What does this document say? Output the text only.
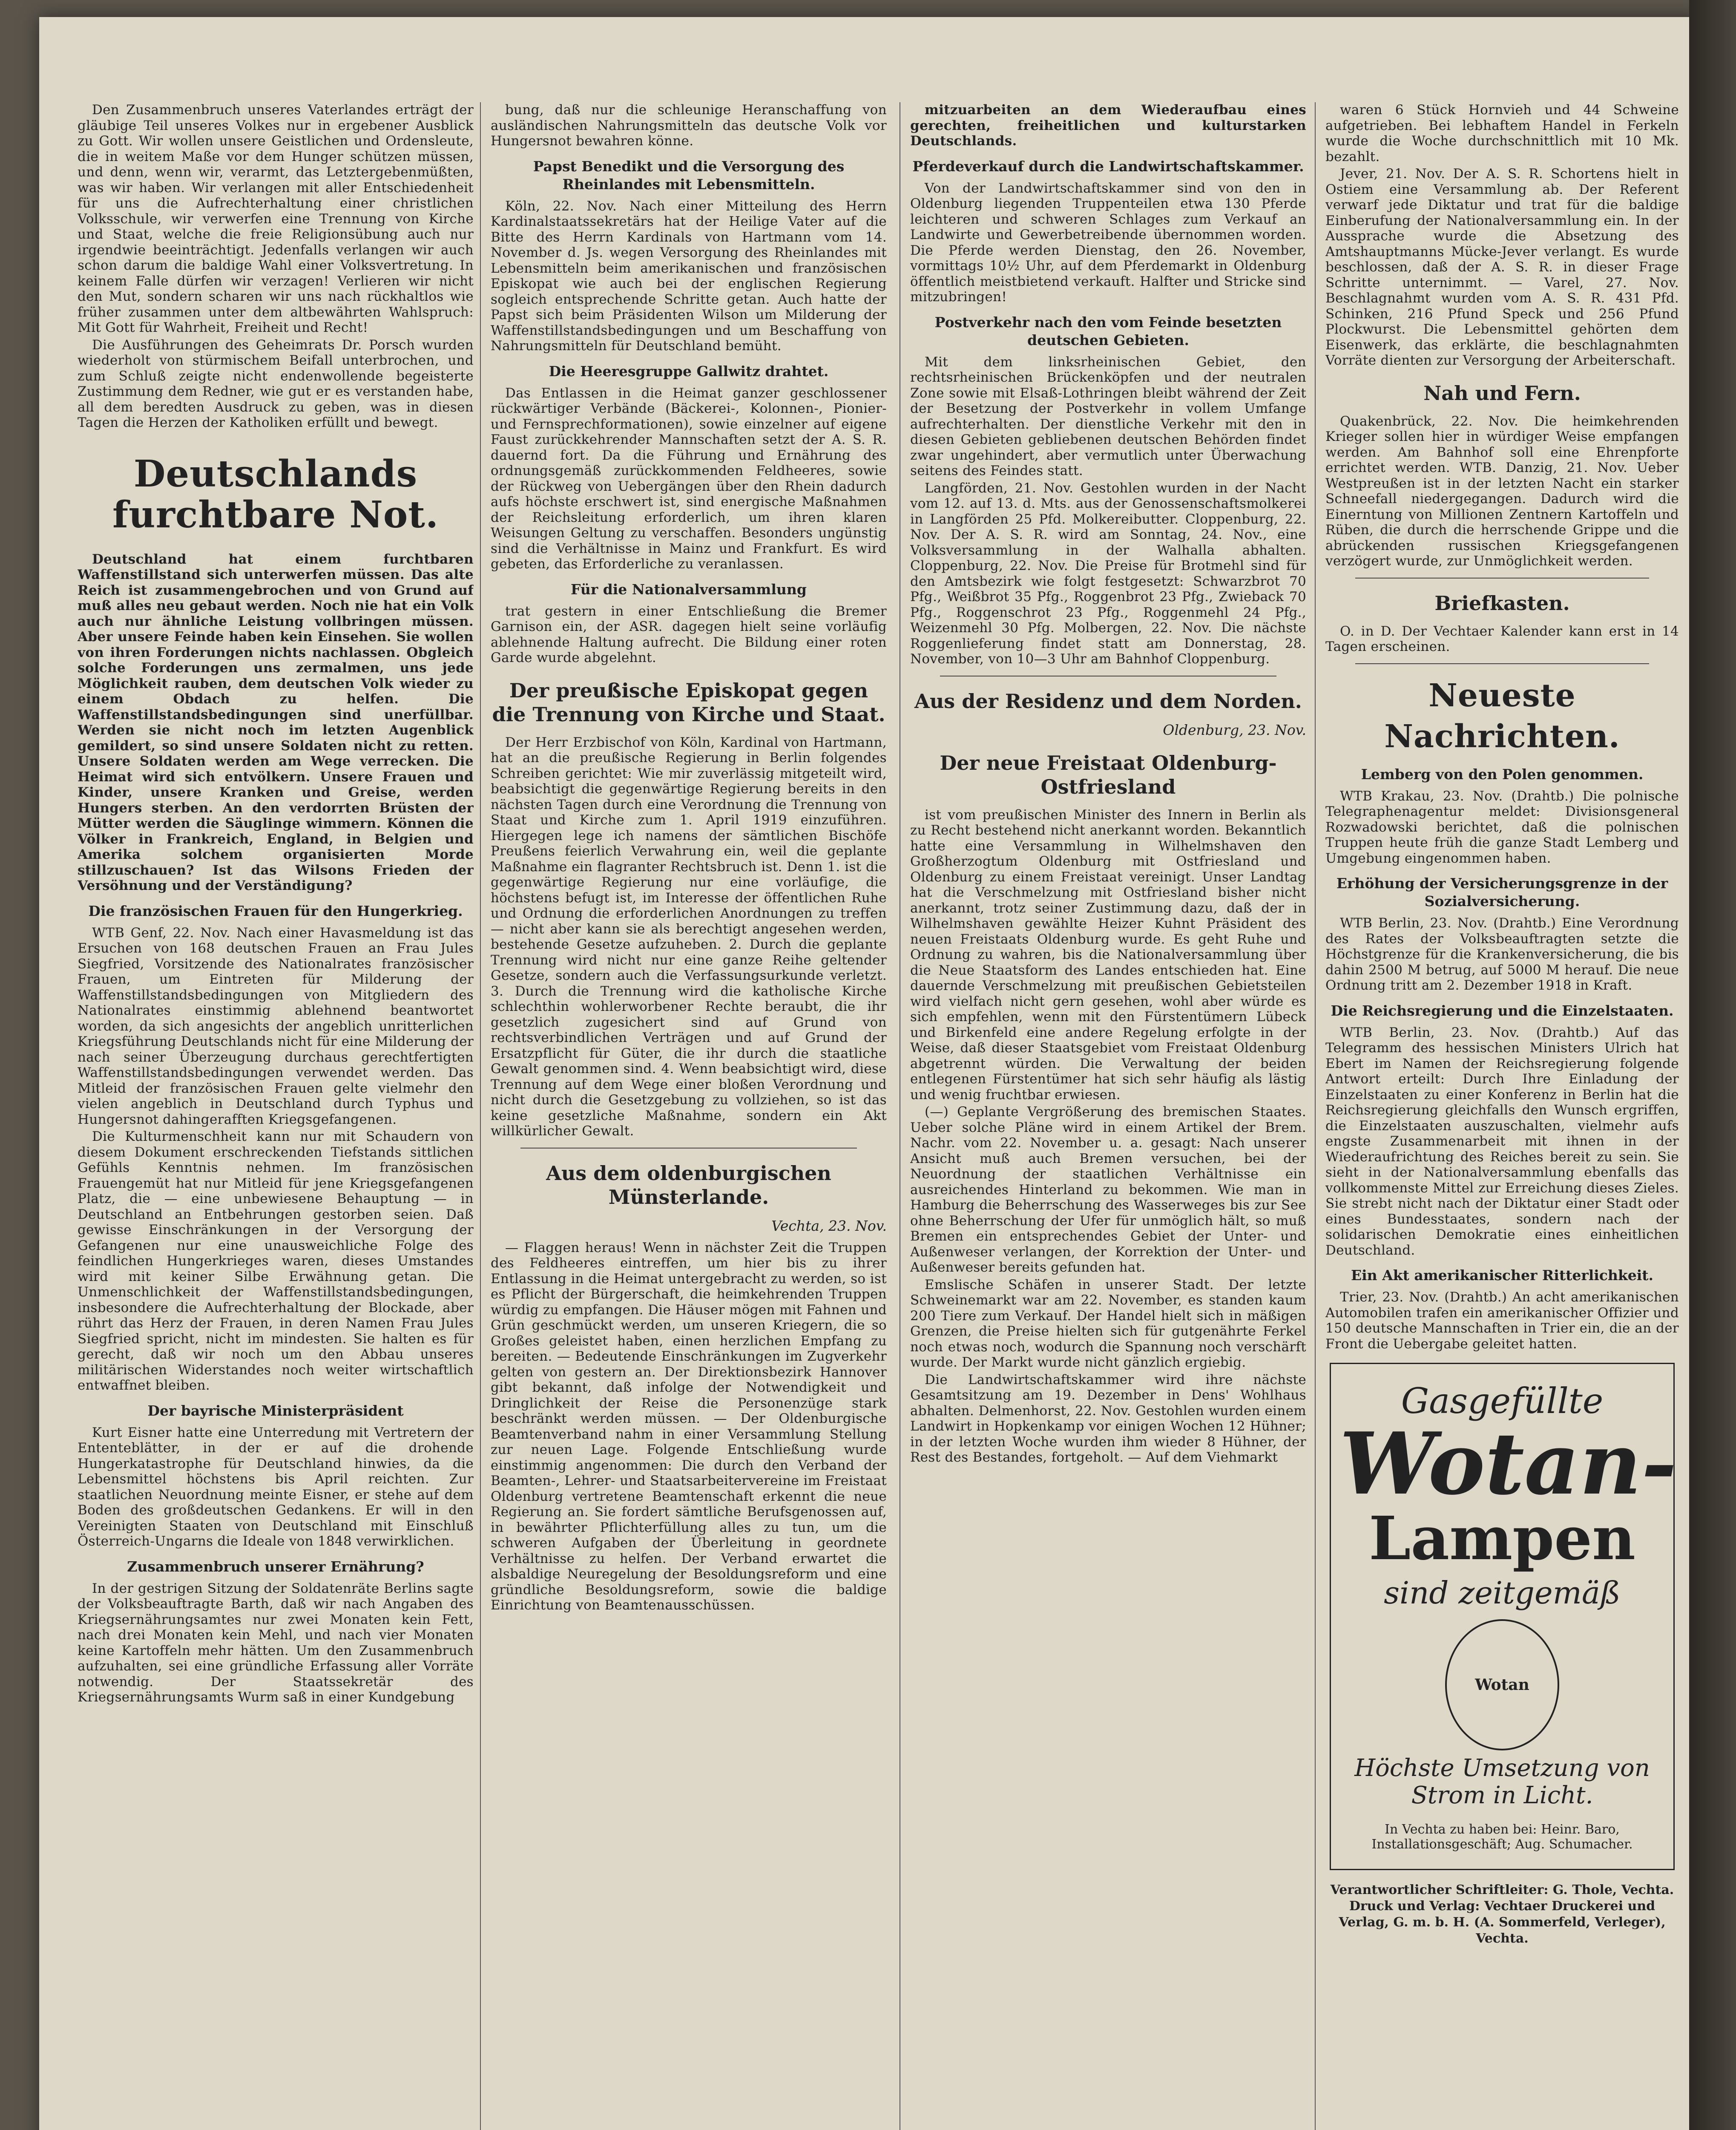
Den Zusammenbruch unseres Vaterlandes erträgt der gläubige Teil unseres Volkes nur in ergebener Ausblick zu Gott. Wir wollen unsere Geistlichen und Ordensleute, die in weitem Maße vor dem Hunger schützen müssen, und denn, wenn wir, verarmt, das Letztergebenmüßten, was wir haben. Wir verlangen mit aller Entschiedenheit für uns die Aufrechterhaltung einer christlichen Volksschule, wir verwerfen eine Trennung von Kirche und Staat, welche die freie Religionsübung auch nur irgendwie beeinträchtigt. Jedenfalls verlangen wir auch schon darum die baldige Wahl einer Volksvertretung. In keinem Falle dürfen wir verzagen! Verlieren wir nicht den Mut, sondern scharen wir uns nach rückhaltlos wie früher zusammen unter dem altbewährten Wahlspruch: Mit Gott für Wahrheit, Freiheit und Recht!

Die Ausführungen des Geheimrats Dr. Porsch wurden wiederholt von stürmischem Beifall unterbrochen, und zum Schluß zeigte nicht endenwollende begeisterte Zustimmung dem Redner, wie gut er es verstanden habe, all dem beredten Ausdruck zu geben, was in diesen Tagen die Herzen der Katholiken erfüllt und bewegt.

Deutschlands furchtbare Not.

Deutschland hat einem furchtbaren Waffenstillstand sich unterwerfen müssen. Das alte Reich ist zusammengebrochen und von Grund auf muß alles neu gebaut werden. Noch nie hat ein Volk auch nur ähnliche Leistung vollbringen müssen. Aber unsere Feinde haben kein Einsehen. Sie wollen von ihren Forderungen nichts nachlassen. Obgleich solche Forderungen uns zermalmen, uns jede Möglichkeit rauben, dem deutschen Volk wieder zu einem Obdach zu helfen. Die Waffenstillstandsbedingungen sind unerfüllbar. Werden sie nicht noch im letzten Augenblick gemildert, so sind unsere Soldaten nicht zu retten. Unsere Soldaten werden am Wege verrecken. Die Heimat wird sich entvölkern. Unsere Frauen und Kinder, unsere Kranken und Greise, werden Hungers sterben. An den verdorrten Brüsten der Mütter werden die Säuglinge wimmern. Können die Völker in Frankreich, England, in Belgien und Amerika solchem organisierten Morde stillzuschauen? Ist das Wilsons Frieden der Versöhnung und der Verständigung?

Die französischen Frauen für den Hungerkrieg.

WTB Genf, 22. Nov. Nach einer Havasmeldung ist das Ersuchen von 168 deutschen Frauen an Frau Jules Siegfried, Vorsitzende des Nationalrates französischer Frauen, um Eintreten für Milderung der Waffenstillstandsbedingungen von Mitgliedern des Nationalrates einstimmig ablehnend beantwortet worden, da sich angesichts der angeblich unritterlichen Kriegsführung Deutschlands nicht für eine Milderung der nach seiner Überzeugung durchaus gerechtfertigten Waffenstillstandsbedingungen verwendet werden. Das Mitleid der französischen Frauen gelte vielmehr den vielen angeblich in Deutschland durch Typhus und Hungersnot dahingerafften Kriegsgefangenen.

Die Kulturmenschheit kann nur mit Schaudern von diesem Dokument erschreckenden Tiefstands sittlichen Gefühls Kenntnis nehmen. Im französischen Frauengemüt hat nur Mitleid für jene Kriegsgefangenen Platz, die — eine unbewiesene Behauptung — in Deutschland an Entbehrungen gestorben seien. Daß gewisse Einschränkungen in der Versorgung der Gefangenen nur eine unausweichliche Folge des feindlichen Hungerkrieges waren, dieses Umstandes wird mit keiner Silbe Erwähnung getan. Die Unmenschlichkeit der Waffenstillstandsbedingungen, insbesondere die Aufrechterhaltung der Blockade, aber rührt das Herz der Frauen, in deren Namen Frau Jules Siegfried spricht, nicht im mindesten. Sie halten es für gerecht, daß wir noch um den Abbau unseres militärischen Widerstandes noch weiter wirtschaftlich entwaffnet bleiben.

Der bayrische Ministerpräsident

Kurt Eisner hatte eine Unterredung mit Vertretern der Ententeblätter, in der er auf die drohende Hungerkatastrophe für Deutschland hinwies, da die Lebensmittel höchstens bis April reichten. Zur staatlichen Neuordnung meinte Eisner, er stehe auf dem Boden des großdeutschen Gedankens. Er will in den Vereinigten Staaten von Deutschland mit Einschluß Österreich-Ungarns die Ideale von 1848 verwirklichen.

Zusammenbruch unserer Ernährung?

In der gestrigen Sitzung der Soldatenräte Berlins sagte der Volksbeauftragte Barth, daß wir nach Angaben des Kriegsernährungsamtes nur zwei Monaten kein Fett, nach drei Monaten kein Mehl, und nach vier Monaten keine Kartoffeln mehr hätten. Um den Zusammenbruch aufzuhalten, sei eine gründliche Erfassung aller Vorräte notwendig. Der Staatssekretär des Kriegsernährungsamts Wurm saß in einer Kundgebung

bung, daß nur die schleunige Heranschaffung von ausländischen Nahrungsmitteln das deutsche Volk vor Hungersnot bewahren könne.

Papst Benedikt und die Versorgung des Rheinlandes mit Lebensmitteln.

Köln, 22. Nov. Nach einer Mitteilung des Herrn Kardinalstaatssekretärs hat der Heilige Vater auf die Bitte des Herrn Kardinals von Hartmann vom 14. November d. Js. wegen Versorgung des Rheinlandes mit Lebensmitteln beim amerikanischen und französischen Episkopat wie auch bei der englischen Regierung sogleich entsprechende Schritte getan. Auch hatte der Papst sich beim Präsidenten Wilson um Milderung der Waffenstillstandsbedingungen und um Beschaffung von Nahrungsmitteln für Deutschland bemüht.

Die Heeresgruppe Gallwitz drahtet.

Das Entlassen in die Heimat ganzer geschlossener rückwärtiger Verbände (Bäckerei-, Kolonnen-, Pionier- und Fernsprechformationen), sowie einzelner auf eigene Faust zurückkehrender Mannschaften setzt der A. S. R. dauernd fort. Da die Führung und Ernährung des ordnungsgemäß zurückkommenden Feldheeres, sowie der Rückweg von Uebergängen über den Rhein dadurch aufs höchste erschwert ist, sind energische Maßnahmen der Reichsleitung erforderlich, um ihren klaren Weisungen Geltung zu verschaffen. Besonders ungünstig sind die Verhältnisse in Mainz und Frankfurt. Es wird gebeten, das Erforderliche zu veranlassen.

Für die Nationalversammlung

trat gestern in einer Entschließung die Bremer Garnison ein, der ASR. dagegen hielt seine vorläufig ablehnende Haltung aufrecht. Die Bildung einer roten Garde wurde abgelehnt.

Der preußische Episkopat gegen die Trennung von Kirche und Staat.

Der Herr Erzbischof von Köln, Kardinal von Hartmann, hat an die preußische Regierung in Berlin folgendes Schreiben gerichtet: Wie mir zuverlässig mitgeteilt wird, beabsichtigt die gegenwärtige Regierung bereits in den nächsten Tagen durch eine Verordnung die Trennung von Staat und Kirche zum 1. April 1919 einzuführen. Hiergegen lege ich namens der sämtlichen Bischöfe Preußens feierlich Verwahrung ein, weil die geplante Maßnahme ein flagranter Rechtsbruch ist. Denn 1. ist die gegenwärtige Regierung nur eine vorläufige, die höchstens befugt ist, im Interesse der öffentlichen Ruhe und Ordnung die erforderlichen Anordnungen zu treffen — nicht aber kann sie als berechtigt angesehen werden, bestehende Gesetze aufzuheben. 2. Durch die geplante Trennung wird nicht nur eine ganze Reihe geltender Gesetze, sondern auch die Verfassungsurkunde verletzt. 3. Durch die Trennung wird die katholische Kirche schlechthin wohlerworbener Rechte beraubt, die ihr gesetzlich zugesichert sind auf Grund von rechtsverbindlichen Verträgen und auf Grund der Ersatzpflicht für Güter, die ihr durch die staatliche Gewalt genommen sind. 4. Wenn beabsichtigt wird, diese Trennung auf dem Wege einer bloßen Verordnung und nicht durch die Gesetzgebung zu vollziehen, so ist das keine gesetzliche Maßnahme, sondern ein Akt willkürlicher Gewalt.

Aus dem oldenburgischen Münsterlande.
Vechta, 23. Nov.

— Flaggen heraus! Wenn in nächster Zeit die Truppen des Feldheeres eintreffen, um hier bis zu ihrer Entlassung in die Heimat untergebracht zu werden, so ist es Pflicht der Bürgerschaft, die heimkehrenden Truppen würdig zu empfangen. Die Häuser mögen mit Fahnen und Grün geschmückt werden, um unseren Kriegern, die so Großes geleistet haben, einen herzlichen Empfang zu bereiten. — Bedeutende Einschränkungen im Zugverkehr gelten von gestern an. Der Direktionsbezirk Hannover gibt bekannt, daß infolge der Notwendigkeit und Dringlichkeit der Reise die Personenzüge stark beschränkt werden müssen. — Der Oldenburgische Beamtenverband nahm in einer Versammlung Stellung zur neuen Lage. Folgende Entschließung wurde einstimmig angenommen: Die durch den Verband der Beamten-, Lehrer- und Staatsarbeitervereine im Freistaat Oldenburg vertretene Beamtenschaft erkennt die neue Regierung an. Sie fordert sämtliche Berufsgenossen auf, in bewährter Pflichterfüllung alles zu tun, um die schweren Aufgaben der Überleitung in geordnete Verhältnisse zu helfen. Der Verband erwartet die alsbaldige Neuregelung der Besoldungsreform und eine gründliche Besoldungsreform, sowie die baldige Einrichtung von Beamtenausschüssen.

mitzuarbeiten an dem Wiederaufbau eines gerechten, freiheitlichen und kulturstarken Deutschlands.

Pferdeverkauf durch die Landwirtschaftskammer.

Von der Landwirtschaftskammer sind von den in Oldenburg liegenden Truppenteilen etwa 130 Pferde leichteren und schweren Schlages zum Verkauf an Landwirte und Gewerbetreibende übernommen worden. Die Pferde werden Dienstag, den 26. November, vormittags 10½ Uhr, auf dem Pferdemarkt in Oldenburg öffentlich meistbietend verkauft. Halfter und Stricke sind mitzubringen!

Postverkehr nach den vom Feinde besetzten deutschen Gebieten.

Mit dem linksrheinischen Gebiet, den rechtsrheinischen Brückenköpfen und der neutralen Zone sowie mit Elsaß-Lothringen bleibt während der Zeit der Besetzung der Postverkehr in vollem Umfange aufrechterhalten. Der dienstliche Verkehr mit den in diesen Gebieten gebliebenen deutschen Behörden findet zwar ungehindert, aber vermutlich unter Überwachung seitens des Feindes statt.

Langförden, 21. Nov. Gestohlen wurden in der Nacht vom 12. auf 13. d. Mts. aus der Genossenschaftsmolkerei in Langförden 25 Pfd. Molkereibutter. Cloppenburg, 22. Nov. Der A. S. R. wird am Sonntag, 24. Nov., eine Volksversammlung in der Walhalla abhalten. Cloppenburg, 22. Nov. Die Preise für Brotmehl sind für den Amtsbezirk wie folgt festgesetzt: Schwarzbrot 70 Pfg., Weißbrot 35 Pfg., Roggenbrot 23 Pfg., Zwieback 70 Pfg., Roggenschrot 23 Pfg., Roggenmehl 24 Pfg., Weizenmehl 30 Pfg. Molbergen, 22. Nov. Die nächste Roggenlieferung findet statt am Donnerstag, 28. November, von 10—3 Uhr am Bahnhof Cloppenburg.

Aus der Residenz und dem Norden.
Oldenburg, 23. Nov.
Der neue Freistaat Oldenburg-Ostfriesland

ist vom preußischen Minister des Innern in Berlin als zu Recht bestehend nicht anerkannt worden. Bekanntlich hatte eine Versammlung in Wilhelmshaven den Großherzogtum Oldenburg mit Ostfriesland und Oldenburg zu einem Freistaat vereinigt. Unser Landtag hat die Verschmelzung mit Ostfriesland bisher nicht anerkannt, trotz seiner Zustimmung dazu, daß der in Wilhelmshaven gewählte Heizer Kuhnt Präsident des neuen Freistaats Oldenburg wurde. Es geht Ruhe und Ordnung zu wahren, bis die Nationalversammlung über die Neue Staatsform des Landes entschieden hat. Eine dauernde Verschmelzung mit preußischen Gebietsteilen wird vielfach nicht gern gesehen, wohl aber würde es sich empfehlen, wenn mit den Fürstentümern Lübeck und Birkenfeld eine andere Regelung erfolgte in der Weise, daß dieser Staatsgebiet vom Freistaat Oldenburg abgetrennt würden. Die Verwaltung der beiden entlegenen Fürstentümer hat sich sehr häufig als lästig und wenig fruchtbar erwiesen.

(—) Geplante Vergrößerung des bremischen Staates. Ueber solche Pläne wird in einem Artikel der Brem. Nachr. vom 22. November u. a. gesagt: Nach unserer Ansicht muß auch Bremen versuchen, bei der Neuordnung der staatlichen Verhältnisse ein ausreichendes Hinterland zu bekommen. Wie man in Hamburg die Beherrschung des Wasserweges bis zur See ohne Beherrschung der Ufer für unmöglich hält, so muß Bremen ein entsprechendes Gebiet der Unter- und Außenweser verlangen, der Korrektion der Unter- und Außenweser bereits gefunden hat.

Emslische Schäfen in unserer Stadt. Der letzte Schweinemarkt war am 22. November, es standen kaum 200 Tiere zum Verkauf. Der Handel hielt sich in mäßigen Grenzen, die Preise hielten sich für gutgenährte Ferkel noch etwas noch, wodurch die Spannung noch verschärft wurde. Der Markt wurde nicht gänzlich ergiebig.

Die Landwirtschaftskammer wird ihre nächste Gesamtsitzung am 19. Dezember in Dens' Wohlhaus abhalten. Delmenhorst, 22. Nov. Gestohlen wurden einem Landwirt in Hopkenkamp vor einigen Wochen 12 Hühner; in der letzten Woche wurden ihm wieder 8 Hühner, der Rest des Bestandes, fortgeholt. — Auf dem Viehmarkt

waren 6 Stück Hornvieh und 44 Schweine aufgetrieben. Bei lebhaftem Handel in Ferkeln wurde die Woche durchschnittlich mit 10 Mk. bezahlt.

Jever, 21. Nov. Der A. S. R. Schortens hielt in Ostiem eine Versammlung ab. Der Referent verwarf jede Diktatur und trat für die baldige Einberufung der Nationalversammlung ein. In der Aussprache wurde die Absetzung des Amtshauptmanns Mücke-Jever verlangt. Es wurde beschlossen, daß der A. S. R. in dieser Frage Schritte unternimmt. — Varel, 27. Nov. Beschlagnahmt wurden vom A. S. R. 431 Pfd. Schinken, 216 Pfund Speck und 256 Pfund Plockwurst. Die Lebensmittel gehörten dem Eisenwerk, das erklärte, die beschlagnahmten Vorräte dienten zur Versorgung der Arbeiterschaft.

Nah und Fern.

Quakenbrück, 22. Nov. Die heimkehrenden Krieger sollen hier in würdiger Weise empfangen werden. Am Bahnhof soll eine Ehrenpforte errichtet werden. WTB. Danzig, 21. Nov. Ueber Westpreußen ist in der letzten Nacht ein starker Schneefall niedergegangen. Dadurch wird die Einerntung von Millionen Zentnern Kartoffeln und Rüben, die durch die herrschende Grippe und die abrückenden russischen Kriegsgefangenen verzögert wurde, zur Unmöglichkeit werden.

Briefkasten.

O. in D. Der Vechtaer Kalender kann erst in 14 Tagen erscheinen.

Neueste Nachrichten.
Lemberg von den Polen genommen.

WTB Krakau, 23. Nov. (Drahtb.) Die polnische Telegraphenagentur meldet: Divisionsgeneral Rozwadowski berichtet, daß die polnischen Truppen heute früh die ganze Stadt Lemberg und Umgebung eingenommen haben.

Erhöhung der Versicherungsgrenze in der Sozialversicherung.

WTB Berlin, 23. Nov. (Drahtb.) Eine Verordnung des Rates der Volksbeauftragten setzte die Höchstgrenze für die Krankenversicherung, die bis dahin 2500 M betrug, auf 5000 M herauf. Die neue Ordnung tritt am 2. Dezember 1918 in Kraft.

Die Reichsregierung und die Einzelstaaten.

WTB Berlin, 23. Nov. (Drahtb.) Auf das Telegramm des hessischen Ministers Ulrich hat Ebert im Namen der Reichsregierung folgende Antwort erteilt: Durch Ihre Einladung der Einzelstaaten zu einer Konferenz in Berlin hat die Reichsregierung gleichfalls den Wunsch ergriffen, die Einzelstaaten auszuschalten, vielmehr aufs engste Zusammenarbeit mit ihnen in der Wiederaufrichtung des Reiches bereit zu sein. Sie sieht in der Nationalversammlung ebenfalls das vollkommenste Mittel zur Erreichung dieses Zieles. Sie strebt nicht nach der Diktatur einer Stadt oder eines Bundesstaates, sondern nach der solidarischen Demokratie eines einheitlichen Deutschland.

Ein Akt amerikanischer Ritterlichkeit.

Trier, 23. Nov. (Drahtb.) An acht amerikanischen Automobilen trafen ein amerikanischer Offizier und 150 deutsche Mannschaften in Trier ein, die an der Front die Uebergabe geleitet hatten.

Gasgefüllte
Wotan-
Lampen
sind zeitgemäß
Wotan
Höchste Umsetzung von Strom in Licht.
In Vechta zu haben bei: Heinr. Baro, Installationsgeschäft; Aug. Schumacher.
Verantwortlicher Schriftleiter: G. Thole, Vechta. Druck und Verlag: Vechtaer Druckerei und Verlag, G. m. b. H. (A. Sommerfeld, Verleger), Vechta.
